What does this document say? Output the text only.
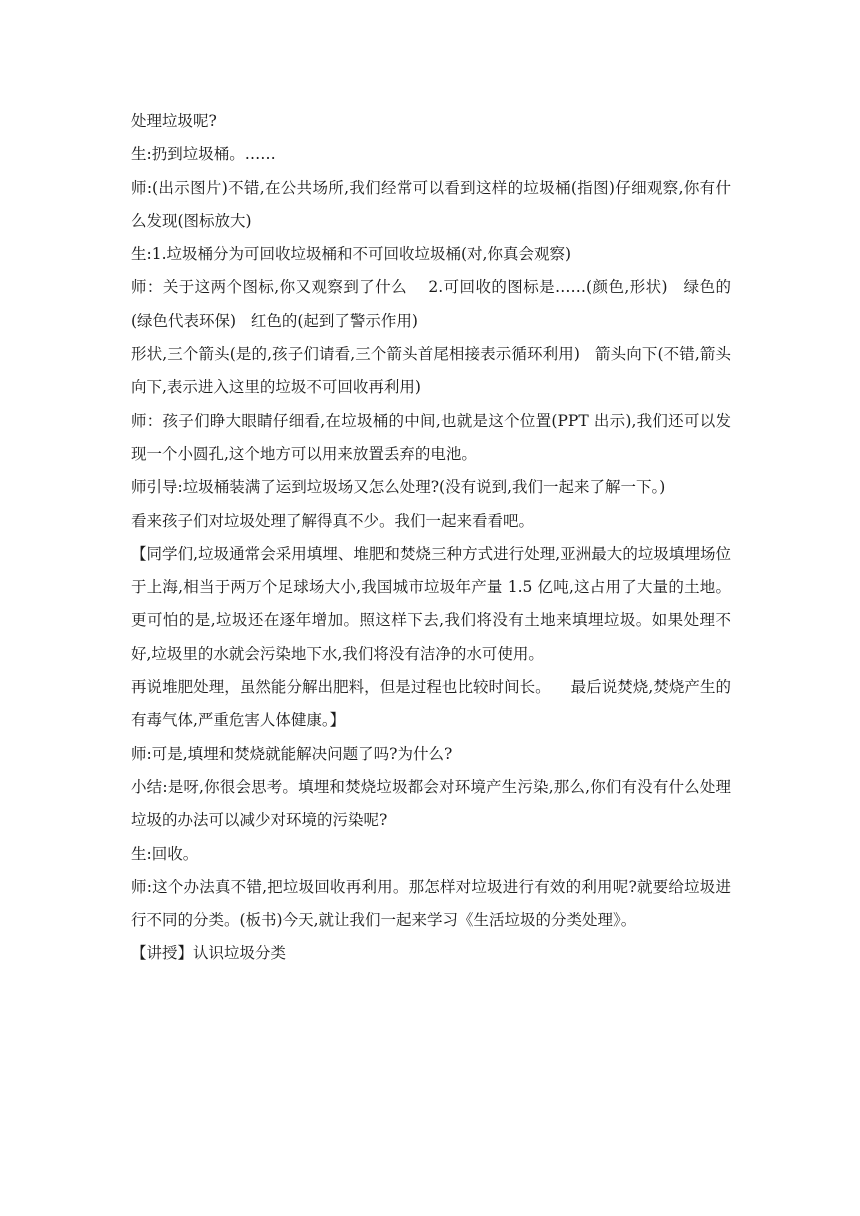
处理垃圾呢?

生:扔到垃圾桶。……

师:(出示图片)不错,在公共场所,我们经常可以看到这样的垃圾桶(指图)仔细观察,你有什么发现(图标放大)

生:1.垃圾桶分为可回收垃圾桶和不可回收垃圾桶(对,你真会观察)

师：关于这两个图标,你又观察到了什么    2.可回收的图标是……(颜色,形状)   绿色的(绿色代表环保)   红色的(起到了警示作用)

形状,三个箭头(是的,孩子们请看,三个箭头首尾相接表示循环利用)   箭头向下(不错,箭头向下,表示进入这里的垃圾不可回收再利用)

师：孩子们睁大眼睛仔细看,在垃圾桶的中间,也就是这个位置(PPT 出示),我们还可以发现一个小圆孔,这个地方可以用来放置丢弃的电池。

师引导:垃圾桶装满了运到垃圾场又怎么处理?(没有说到,我们一起来了解一下。)

看来孩子们对垃圾处理了解得真不少。我们一起来看看吧。

【同学们,垃圾通常会采用填埋、堆肥和焚烧三种方式进行处理,亚洲最大的垃圾填埋场位于上海,相当于两万个足球场大小,我国城市垃圾年产量 1.5 亿吨,这占用了大量的土地。更可怕的是,垃圾还在逐年增加。照这样下去,我们将没有土地来填埋垃圾。如果处理不好,垃圾里的水就会污染地下水,我们将没有洁净的水可使用。

再说堆肥处理，虽然能分解出肥料，但是过程也比较时间长。    最后说焚烧,焚烧产生的有毒气体,严重危害人体健康。】

师:可是,填埋和焚烧就能解决问题了吗?为什么?

小结:是呀,你很会思考。填埋和焚烧垃圾都会对环境产生污染,那么,你们有没有什么处理垃圾的办法可以减少对环境的污染呢?

生:回收。

师:这个办法真不错,把垃圾回收再利用。那怎样对垃圾进行有效的利用呢?就要给垃圾进行不同的分类。(板书)今天,就让我们一起来学习《生活垃圾的分类处理》。

【讲授】认识垃圾分类
